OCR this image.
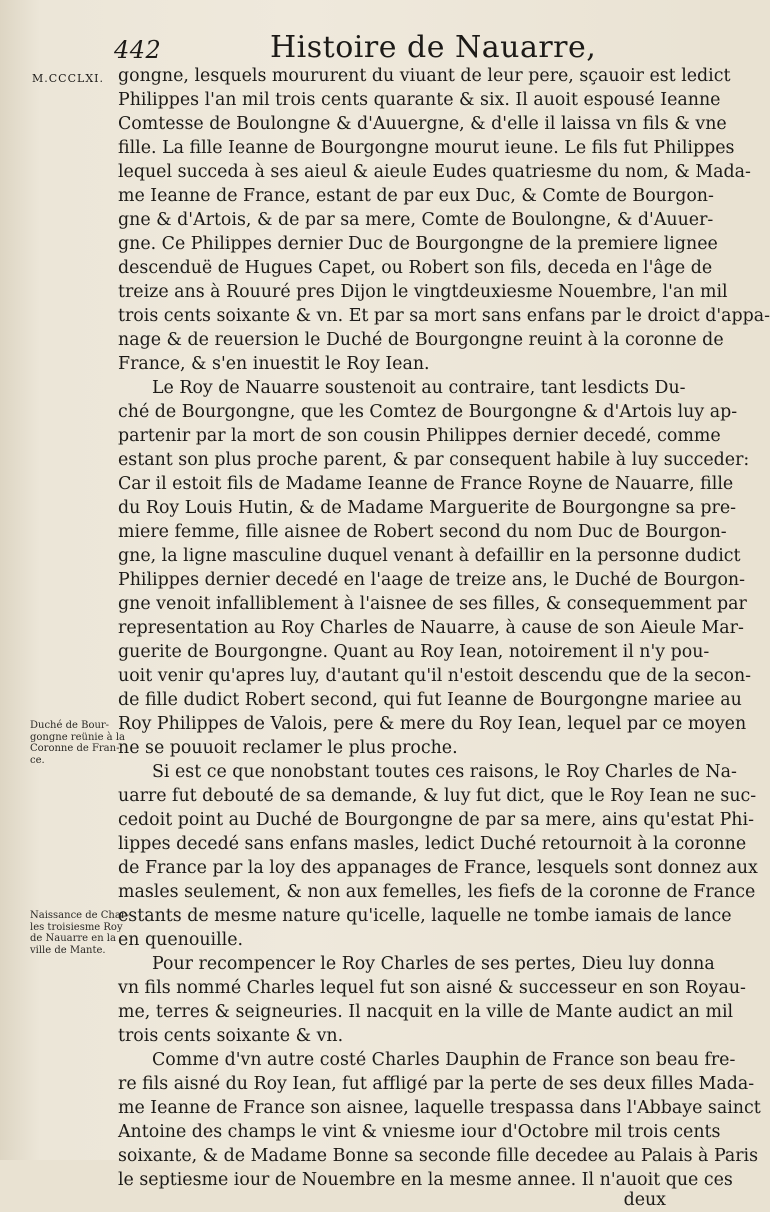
442	Histoire de Nauarre,
M.CCCLXI.
Duché de Bour-
gongne reünie à la
Coronne de Fran-
ce.
Naissance de Char-
les troisiesme Roy
de Nauarre en la
ville de Mante.
gongne, lesquels moururent du viuant de leur pere, sçauoir est ledict
Philippes l'an mil trois cents quarante & six. Il auoit espousé Ieanne
Comtesse de Boulongne & d'Auuergne, & d'elle il laissa vn fils & vne
fille. La fille Ieanne de Bourgongne mourut ieune. Le fils fut Philippes
lequel succeda à ses aieul & aieule Eudes quatriesme du nom, & Mada-
me Ieanne de France, estant de par eux Duc, & Comte de Bourgon-
gne & d'Artois, & de par sa mere, Comte de Boulongne, & d'Auuer-
gne. Ce Philippes dernier Duc de Bourgongne de la premiere lignee
descenduë de Hugues Capet, ou Robert son fils, deceda en l'âge de
treize ans à Rouuré pres Dijon le vingtdeuxiesme Nouembre, l'an mil
trois cents soixante & vn. Et par sa mort sans enfans par le droict d'appa-
nage & de reuersion le Duché de Bourgongne reuint à la coronne de
France, & s'en inuestit le Roy Iean.
Le Roy de Nauarre soustenoit au contraire, tant lesdicts Du-
ché de Bourgongne, que les Comtez de Bourgongne & d'Artois luy ap-
partenir par la mort de son cousin Philippes dernier decedé, comme
estant son plus proche parent, & par consequent habile à luy succeder:
Car il estoit fils de Madame Ieanne de France Royne de Nauarre, fille
du Roy Louis Hutin, & de Madame Marguerite de Bourgongne sa pre-
miere femme, fille aisnee de Robert second du nom Duc de Bourgon-
gne, la ligne masculine duquel venant à defaillir en la personne dudict
Philippes dernier decedé en l'aage de treize ans, le Duché de Bourgon-
gne venoit infalliblement à l'aisnee de ses filles, & consequemment par
representation au Roy Charles de Nauarre, à cause de son Aieule Mar-
guerite de Bourgongne. Quant au Roy Iean, notoirement il n'y pou-
uoit venir qu'apres luy, d'autant qu'il n'estoit descendu que de la secon-
de fille dudict Robert second, qui fut Ieanne de Bourgongne mariee au
Roy Philippes de Valois, pere & mere du Roy Iean, lequel par ce moyen
ne se pouuoit reclamer le plus proche.
Si est ce que nonobstant toutes ces raisons, le Roy Charles de Na-
uarre fut debouté de sa demande, & luy fut dict, que le Roy Iean ne suc-
cedoit point au Duché de Bourgongne de par sa mere, ains qu'estat Phi-
lippes decedé sans enfans masles, ledict Duché retournoit à la coronne
de France par la loy des appanages de France, lesquels sont donnez aux
masles seulement, & non aux femelles, les fiefs de la coronne de France
estants de mesme nature qu'icelle, laquelle ne tombe iamais de lance
en quenouille.
Pour recompencer le Roy Charles de ses pertes, Dieu luy donna
vn fils nommé Charles lequel fut son aisné & successeur en son Royau-
me, terres & seigneuries. Il nacquit en la ville de Mante audict an mil
trois cents soixante & vn.
Comme d'vn autre costé Charles Dauphin de France son beau fre-
re fils aisné du Roy Iean, fut affligé par la perte de ses deux filles Mada-
me Ieanne de France son aisnee, laquelle trespassa dans l'Abbaye sainct
Antoine des champs le vint & vniesme iour d'Octobre mil trois cents
soixante, & de Madame Bonne sa seconde fille decedee au Palais à Paris
le septiesme iour de Nouembre en la mesme annee. Il n'auoit que ces
deux
